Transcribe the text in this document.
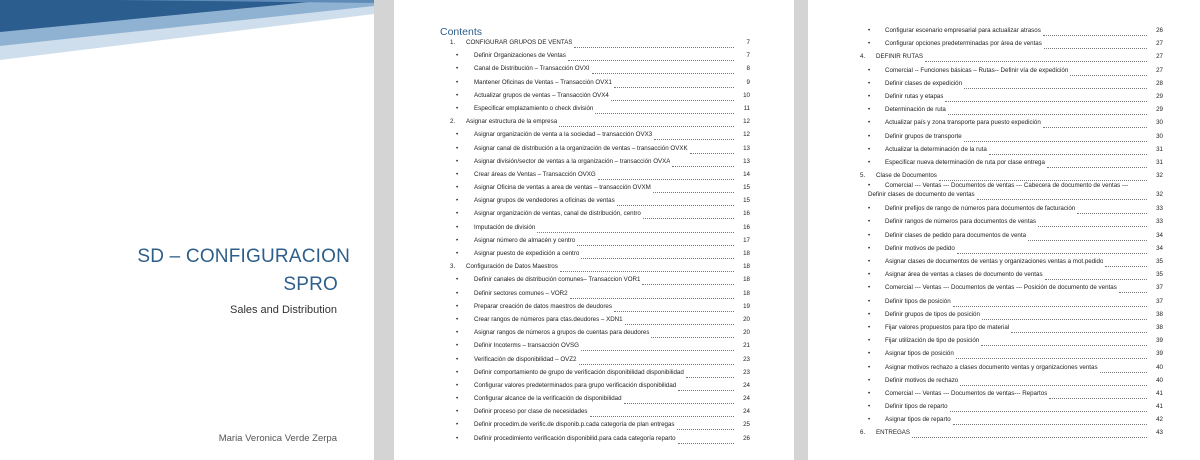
SD – CONFIGURACION
SPRO
Sales and Distribution
Maria Veronica Verde Zerpa
Contents
1. CONFIGURAR GRUPOS DE VENTAS	7
•	Definir Organizaciones de Ventas	7
•	Canal de Distribución – Transacción OVXI	8
•	Mantener Oficinas de Ventas – Transacción OVX1	9
•	Actualizar grupos de ventas – Transacción OVX4	10
•	Especificar emplazamiento o check división	11
2. Asignar estructura de la empresa	12
•	Asignar organización de venta a la sociedad – transacción OVX3	12
•	Asignar canal de distribución a la organización de ventas – transacción OVXK	13
•	Asignar división/sector de ventas a la organización – transacción OVXA	13
•	Crear áreas de Ventas – Transacción OVXG	14
•	Asignar Oficina de ventas a area de ventas – transacción OVXM	15
•	Asignar grupos de vendedores a oficinas de ventas	15
•	Asignar organización de ventas, canal de distribución, centro	16
•	Imputación de división	16
•	Asignar número de almacén y centro	17
•	Asignar puesto de expedición a centro	18
3. Configuración de Datos Maestros	18
•	Definir canales de distribución comunes– Transaccion VOR1	18
•	Definir sectores comunes – VOR2	18
•	Preparar creación de datos maestros de deudores	19
•	Crear rangos de números para ctas.deudores – XDN1	20
•	Asignar rangos de números a grupos de cuentas para deudores	20
•	Definir Incoterms – transacción OVSG	21
•	Verificación de disponibilidad – OVZ2	23
•	Definir comportamiento de grupo de verificación disponibilidad disponibilidad	23
•	Configurar valores predeterminados para grupo verificación disponibilidad	24
•	Configurar alcance de la verificación de disponibilidad	24
•	Definir proceso por clase de necesidades	24
•	Definir procedim.de verific.de disponib.p.cada categoría de plan entregas	25
•	Definir procedimiento verificación disponibilid.para cada categoría reparto	26
• Configurar escenario empresarial para actualizar atrasos	26
• Configurar opciones predeterminadas por área de ventas	27
4. DEFINIR RUTAS	27
• Comercial -- Funciones básicas – Rutas-- Definir vía de expedición	27
• Definir clases de expedición	28
• Definir rutas y etapas	29
• Determinación de ruta	29
• Actualizar país y zona transporte para puesto expedición	30
• Definir grupos de transporte	30
• Actualizar la determinación de la ruta	31
• Especificar nueva determinación de ruta por clase entrega	31
5. Clase de Documentos	32
• Comercial --- Ventas --- Documentos de ventas --- Cabecera de documento de ventas ---
Definir clases de documento de ventas	32
• Definir prefijos de rango de números para documentos de facturación	33
• Definir rangos de números para documentos de ventas	33
• Definir clases de pedido para documentos de venta	34
• Definir motivos de pedido	34
• Asignar clases de documentos de ventas y organizaciones ventas a mot.pedido	35
• Asignar área de ventas a clases de documento de ventas	35
• Comercial --- Ventas --- Documentos de ventas --- Posición de documento de ventas	37
• Definir tipos de posición	37
• Definir grupos de tipos de posición	38
• Fijar valores propuestos para tipo de material	38
• Fijar utilización de tipo de posición	39
• Asignar tipos de posición	39
• Asignar motivos rechazo a clases documento ventas y organizaciones ventas	40
• Definir motivos de rechazo	40
• Comercial --- Ventas --- Documentos de ventas--- Repartos	41
• Definir tipos de reparto	41
• Asignar tipos de reparto	42
6. ENTREGAS	43
